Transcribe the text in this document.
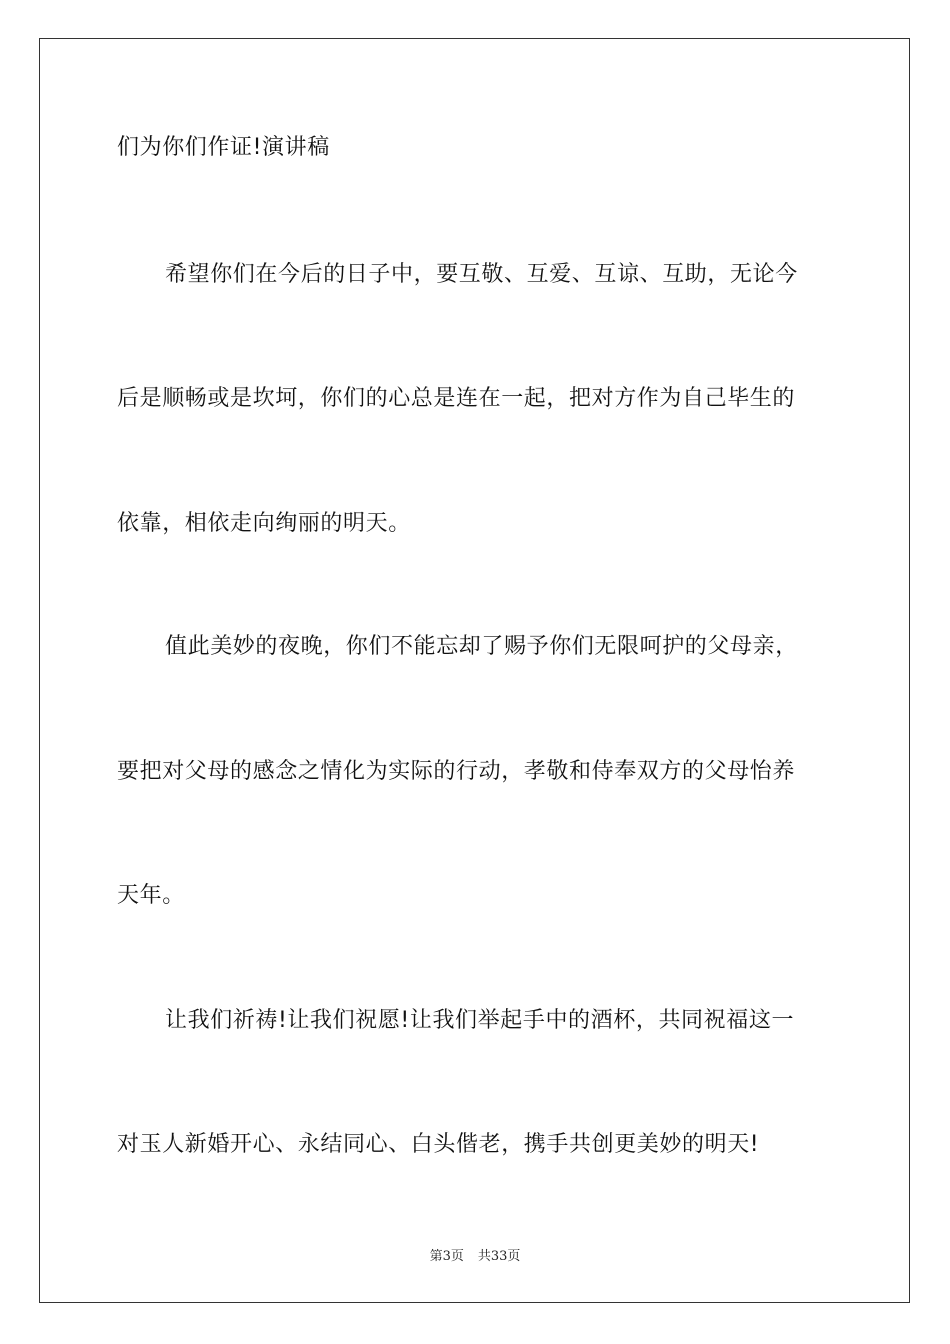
们为你们作证!演讲稿
希望你们在今后的日子中，要互敬、互爱、互谅、互助，无论今
后是顺畅或是坎坷，你们的心总是连在一起，把对方作为自己毕生的
依靠，相依走向绚丽的明天。
值此美妙的夜晚，你们不能忘却了赐予你们无限呵护的父母亲，
要把对父母的感念之情化为实际的行动，孝敬和侍奉双方的父母怡养
天年。
让我们祈祷!让我们祝愿!让我们举起手中的酒杯，共同祝福这一
对玉人新婚开心、永结同心、白头偕老，携手共创更美妙的明天!
第3页 共33页
